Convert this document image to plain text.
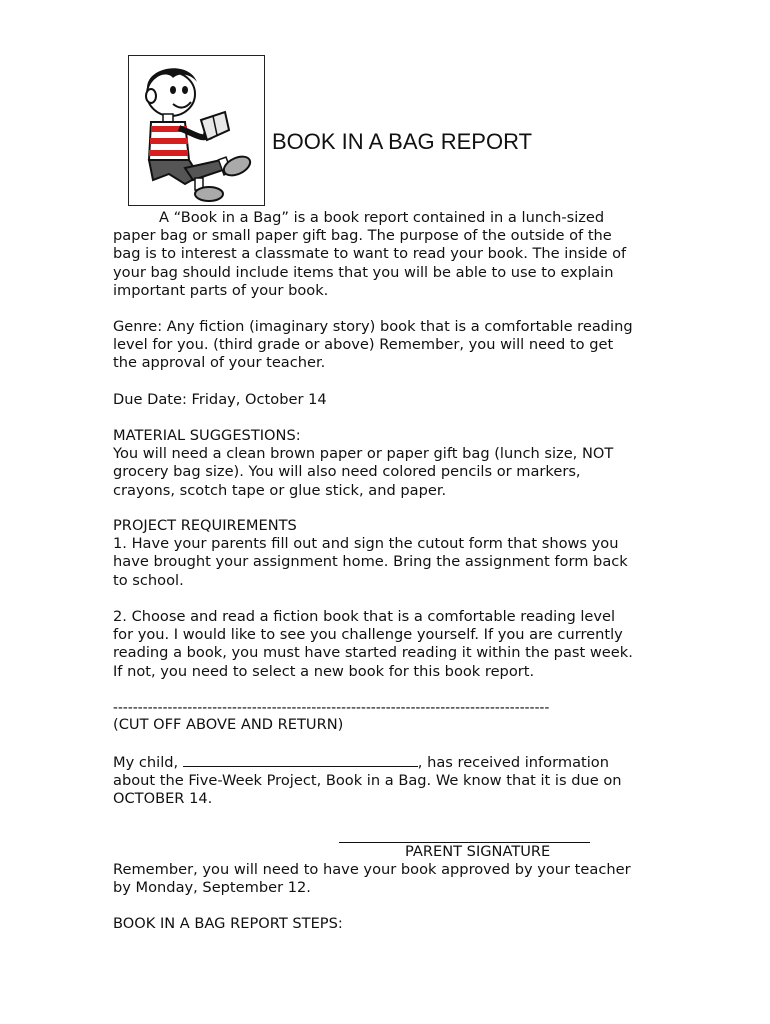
BOOK IN A BAG REPORT

A “Book in a Bag” is a book report contained in a lunch-sized

paper bag or small paper gift bag. The purpose of the outside of the

bag is to interest a classmate to want to read your book. The inside of

your bag should include items that you will be able to use to explain

important parts of your book.

Genre: Any fiction (imaginary story) book that is a comfortable reading

level for you. (third grade or above) Remember, you will need to get

the approval of your teacher.

Due Date: Friday, October 14

MATERIAL SUGGESTIONS:

You will need a clean brown paper or paper gift bag (lunch size, NOT

grocery bag size). You will also need colored pencils or markers,

crayons, scotch tape or glue stick, and paper.

PROJECT REQUIREMENTS

1. Have your parents fill out and sign the cutout form that shows you

have brought your assignment home. Bring the assignment form back

to school.

2. Choose and read a fiction book that is a comfortable reading level

for you. I would like to see you challenge yourself. If you are currently

reading a book, you must have started reading it within the past week.

If not, you need to select a new book for this book report.

----------------------------------------------------------------------------------------
(CUT OFF ABOVE AND RETURN)

My child,	, has received information

about the Five-Week Project, Book in a Bag. We know that it is due on

OCTOBER 14.

PARENT SIGNATURE

Remember, you will need to have your book approved by your teacher

by Monday, September 12.

BOOK IN A BAG REPORT STEPS:
